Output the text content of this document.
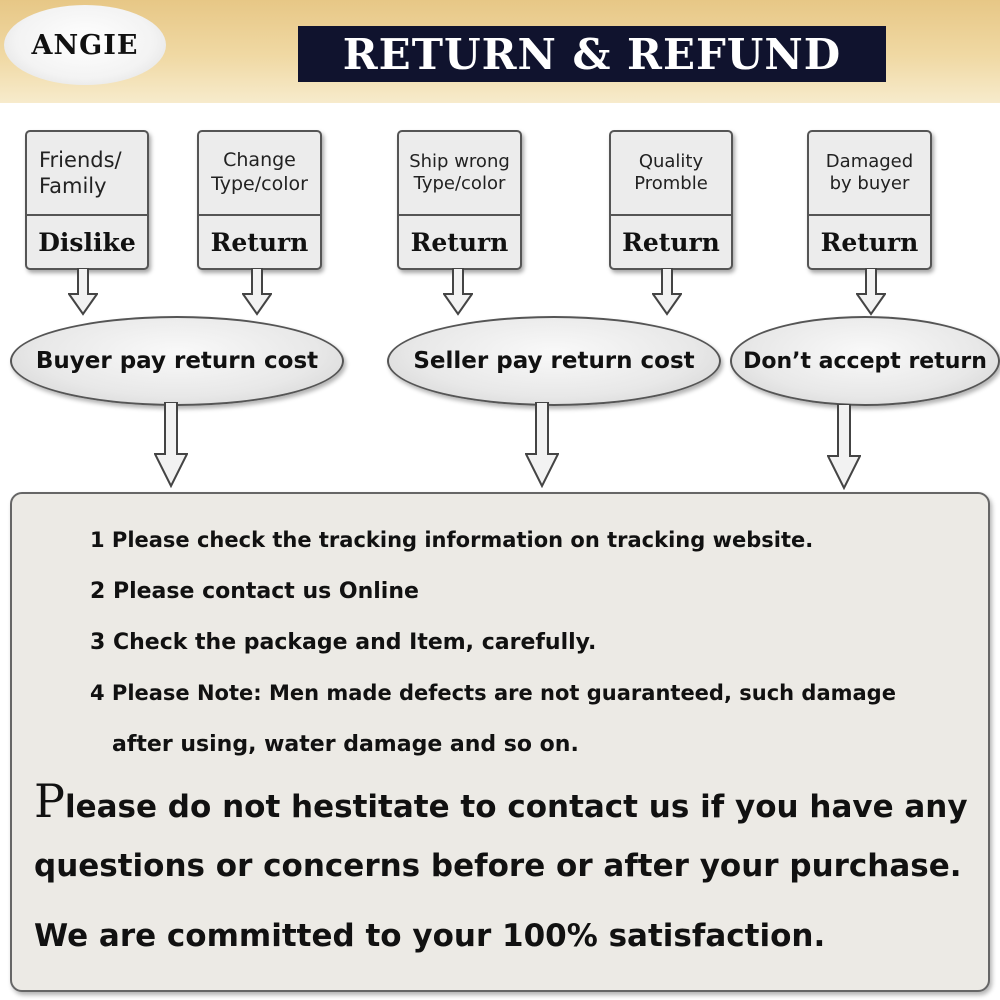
ANGIE	RETURN & REFUND
Friends/
Family
Dislike
Change
Type/color
Return
Ship wrong
Type/color
Return
Quality
Promble
Return
Damaged
by buyer
Return
Buyer pay return cost	Seller pay return cost Don’t accept return
1 Please check the tracking information on tracking website.
2 Please contact us Online
3 Check the package and Item, carefully.
4 Please Note: Men made defects are not guaranteed, such damage
after using, water damage and so on.
Please do not hestitate to contact us if you have any
questions or concerns before or after your purchase.
We are committed to your 100% satisfaction.
